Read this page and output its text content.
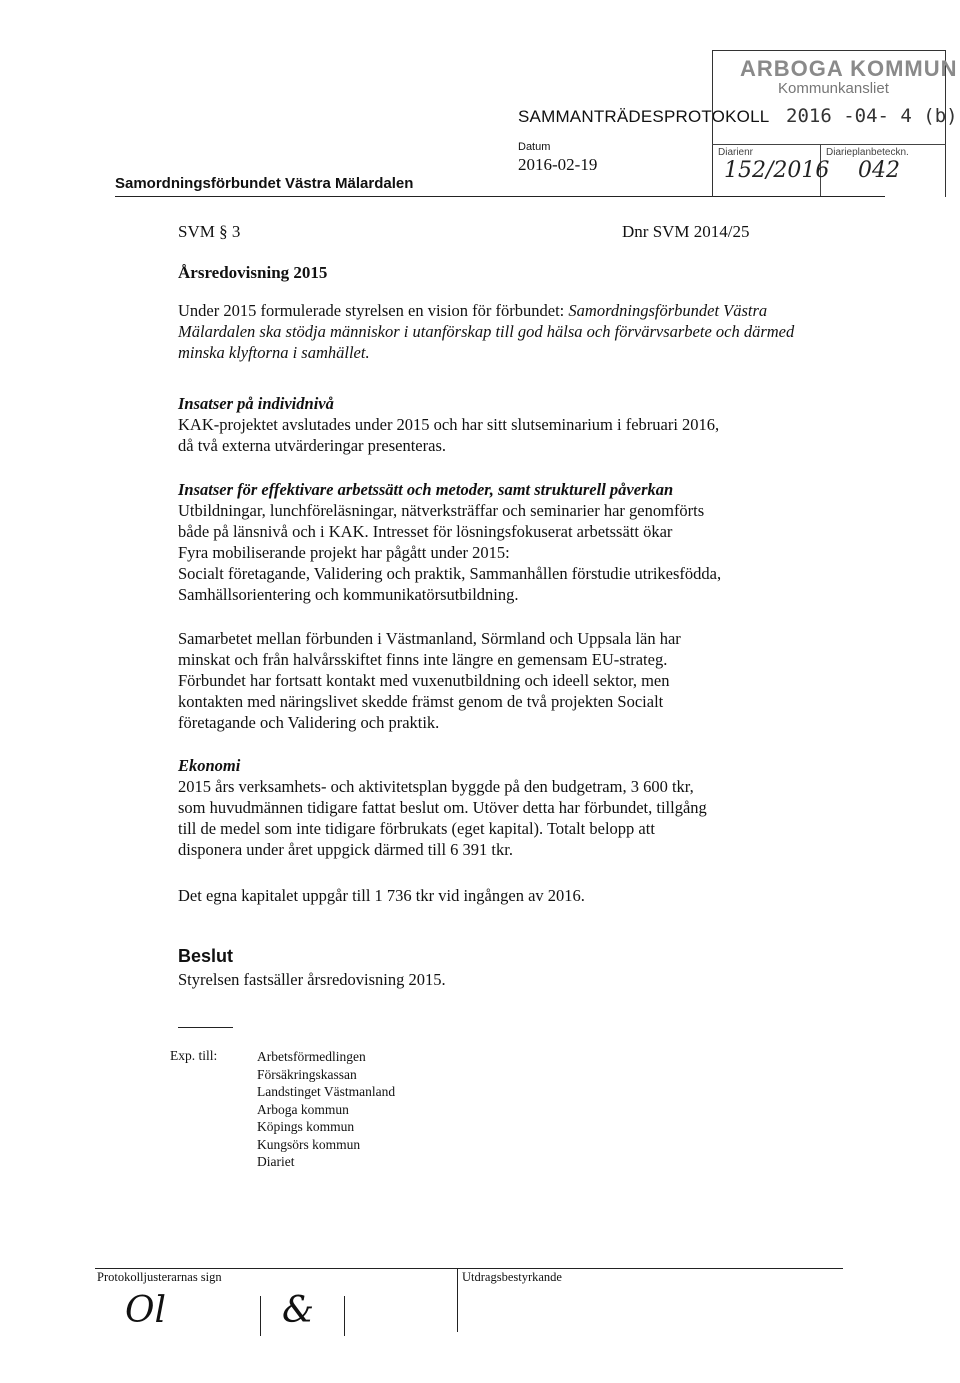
Samordningsförbundet Västra Mälardalen
SAMMANTRÄDESPROTOKOLL
Datum
2016-02-19
ARBOGA KOMMUN
Kommunkansliet
2016 -04- 4 (b)
Diarienr
152/2016
Diarieplanbeteckn.
042
SVM § 3	Dnr SVM 2014/25
Årsredovisning 2015

Under 2015 formulerade styrelsen en vision för förbundet: Samordningsförbundet Västra Mälardalen ska stödja människor i utanförskap till god hälsa och förvärvsarbete och därmed minska klyftorna i samhället.

Insatser på individnivå
KAK-projektet avslutades under 2015 och har sitt slutseminarium i februari 2016,
då två externa utvärderingar presenteras.
Insatser för effektivare arbetssätt och metoder, samt strukturell påverkan
Utbildningar, lunchföreläsningar, nätverksträffar och seminarier har genomförts
både på länsnivå och i KAK. Intresset för lösningsfokuserat arbetssätt ökar
Fyra mobiliserande projekt har pågått under 2015:
Socialt företagande, Validering och praktik, Sammanhållen förstudie utrikesfödda,
Samhällsorientering och kommunikatörsutbildning.
Samarbetet mellan förbunden i Västmanland, Sörmland och Uppsala län har
minskat och från halvårsskiftet finns inte längre en gemensam EU-strateg.
Förbundet har fortsatt kontakt med vuxenutbildning och ideell sektor, men
kontakten med näringslivet skedde främst genom de två projekten Socialt
företagande och Validering och praktik.
Ekonomi
2015 års verksamhets- och aktivitetsplan byggde på den budgetram, 3 600 tkr,
som huvudmännen tidigare fattat beslut om. Utöver detta har förbundet, tillgång
till de medel som inte tidigare förbrukats (eget kapital). Totalt belopp att
disponera under året uppgick därmed till 6 391 tkr.
Det egna kapitalet uppgår till 1 736 tkr vid ingången av 2016.
Beslut
Styrelsen fastsäller årsredovisning 2015.
Exp. till:	Arbetsförmedlingen
Försäkringskassan
Landstinget Västmanland
Arboga kommun
Köpings kommun
Kungsörs kommun
Diariet
Protokolljusterarnas sign	Utdragsbestyrkande
Ol	&
